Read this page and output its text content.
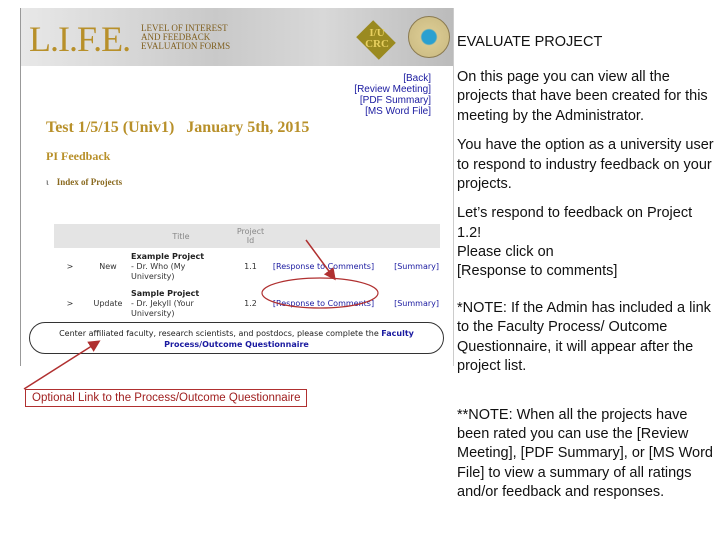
L.I.F.E. LEVEL OF INTEREST
AND FEEDBACK
EVALUATION FORMS
I/U
CRC
[Back]
[Review Meeting]
[PDF Summary]
[MS Word File]
Test 1/5/15 (Univ1)   January 5th, 2015
PI Feedback
ι Index of Projects
		Title	Project Id		
>	New	Example Project
- Dr. Who (My University)	1.1	[Response to Comments]	[Summary]
>	Update	Sample Project
- Dr. Jekyll (Your University)	1.2	[Response to Comments]	[Summary]
Center affiliated faculty, research scientists, and postdocs, please complete the Faculty Process/Outcome Questionnaire
Optional Link to the Process/Outcome Questionnaire

EVALUATE PROJECT

On this page you can view all the projects that have been created for this meeting by the Administrator.

You have the option as a university user to respond to industry feedback on your projects.

Let’s respond to feedback on Project 1.2!
Please click on
[Response to comments]

*NOTE: If the Admin has included a link to the Faculty Process/ Outcome Questionnaire, it will appear after the project list.

**NOTE: When all the projects have been rated you can use the [Review Meeting], [PDF Summary], or [MS Word File] to view a summary of all ratings and/or feedback and responses.
